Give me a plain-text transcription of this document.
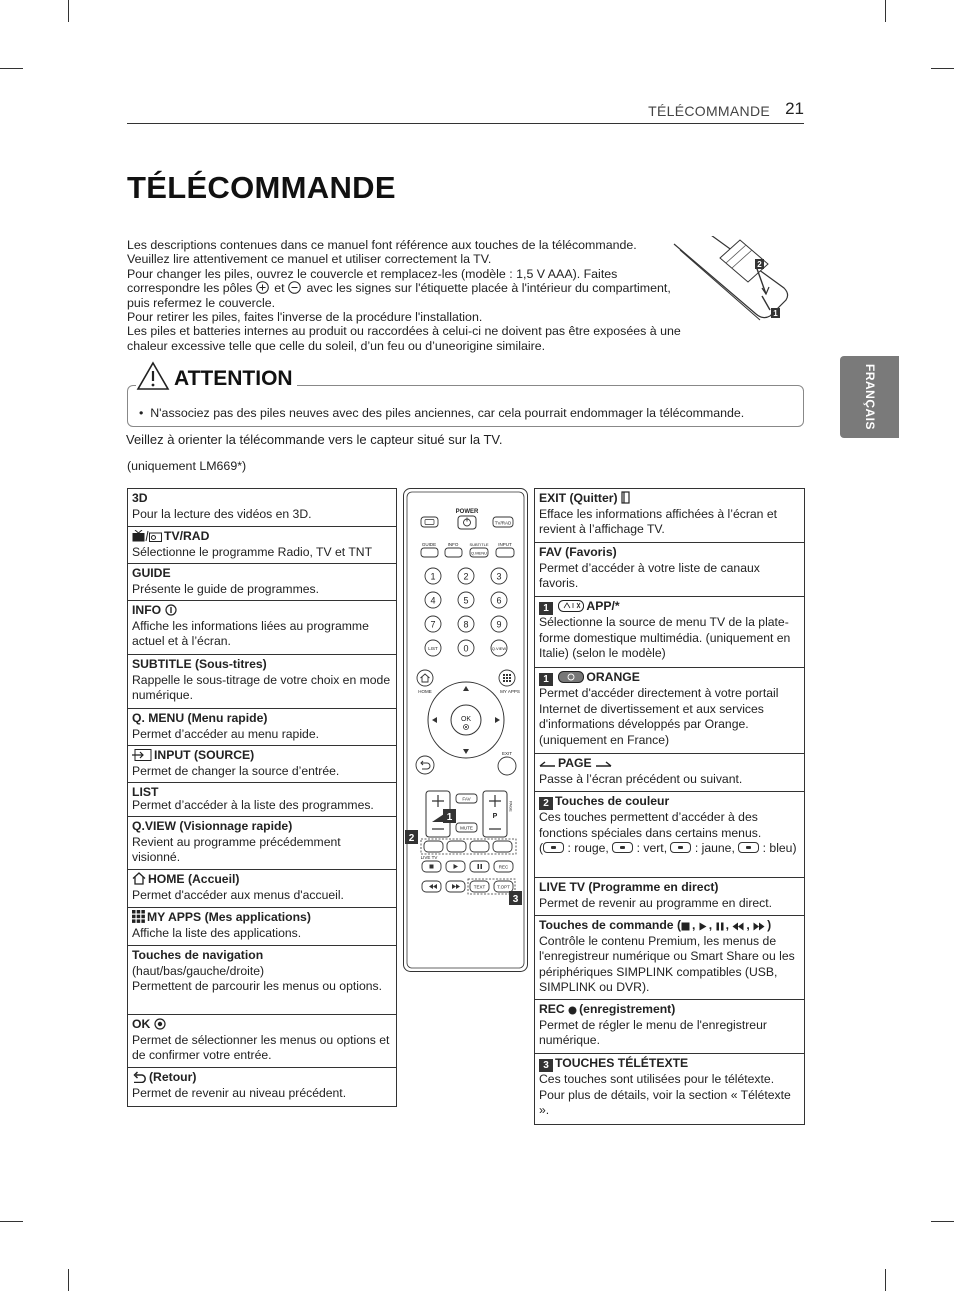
TÉLÉCOMMANDE 21
FRANÇAIS
TÉLÉCOMMANDE

Les descriptions contenues dans ce manuel font référence aux touches de la télécommande.

Veuillez lire attentivement ce manuel et utiliser correctement la TV.

Pour changer les piles, ouvrez le couvercle et remplacez-les (modèle : 1,5 V AAA). Faites correspondre les pôles et avec les signes sur l'étiquette placée à l'intérieur du compartiment, puis refermez le couvercle.

Pour retirer les piles, faites l'inverse de la procédure l'installation.

Les piles et batteries internes au produit ou raccordées à celui-ci ne doivent pas être exposées à une chaleur excessive telle que celle du soleil, d’un feu ou d’uneorigine similaire.

2
1
ATTENTION
• N'associez pas des piles neuves avec des piles anciennes, car cela pourrait endommager la télécommande.
Veillez à orienter la télécommande vers le capteur situé sur la TV.
(uniquement LM669*)
3D
Pour la lecture des vidéos en 3D.
TV/RAD
Sélectionne le programme Radio, TV et TNT
GUIDE
Présente le guide de programmes.
INFO
Affiche les informations liées au programme actuel et à l’écran.
SUBTITLE (Sous-titres)
Rappelle le sous-titrage de votre choix en mode numérique.
Q. MENU (Menu rapide)
Permet d’accéder au menu rapide.
INPUT (SOURCE)
Permet de changer la source d’entrée.
LIST
Permet d’accéder à la liste des programmes.
Q.VIEW (Visionnage rapide)
Revient au programme précédemment visionné.
HOME (Accueil)
Permet d'accéder aux menus d'accueil.
MY APPS (Mes applications)
Affiche la liste des applications.
Touches de navigation (haut/bas/gauche/droite)
Permettent de parcourir les menus ou options.
OK
Permet de sélectionner les menus ou options et de confirmer votre entrée.
(Retour)
Permet de revenir au niveau précédent.
POWER
TV/RAD
GUIDE	INFO	SUBTITLE INPUT
Q.MENU
1	2	3
4	5	6
7	8	9
0
LIST	Q.VIEW
HOME	MY APPS
OK
EXIT
P
PAGE
FAV
MUTE
1
2
LIVE TV
REC
TEXT	T.OPT
3
EXIT (Quitter)
Efface les informations affichées à l’écran et revient à l’affichage TV.
FAV (Favoris)
Permet d’accéder à votre liste de canaux favoris.
1	APP/*
Sélectionne la source de menu TV de la plate-forme domestique multimédia. (uniquement en Italie) (selon le modèle)
1	ORANGE
Permet d'accéder directement à votre portail Internet de divertissement et aux services d'informations développés par Orange. (uniquement en France)
PAGE
Passe à l’écran précédent ou suivant.
2 Touches de couleur
Ces touches permettent d’accéder à des fonctions spéciales dans certains menus.
( : rouge,  : vert,  : jaune,  : bleu)
LIVE TV (Programme en direct)
Permet de revenir au programme en direct.
Touches de commande ( , , , , )
Contrôle le contenu Premium, les menus de l'enregistreur numérique ou Smart Share ou les périphériques SIMPLINK compatibles (USB, SIMPLINK ou DVR).
REC (enregistrement)
Permet de régler le menu de l'enregistreur numérique.
3 TOUCHES TÉLÉTEXTE
Ces touches sont utilisées pour le télétexte. Pour plus de détails, voir la section « Télétexte ».
